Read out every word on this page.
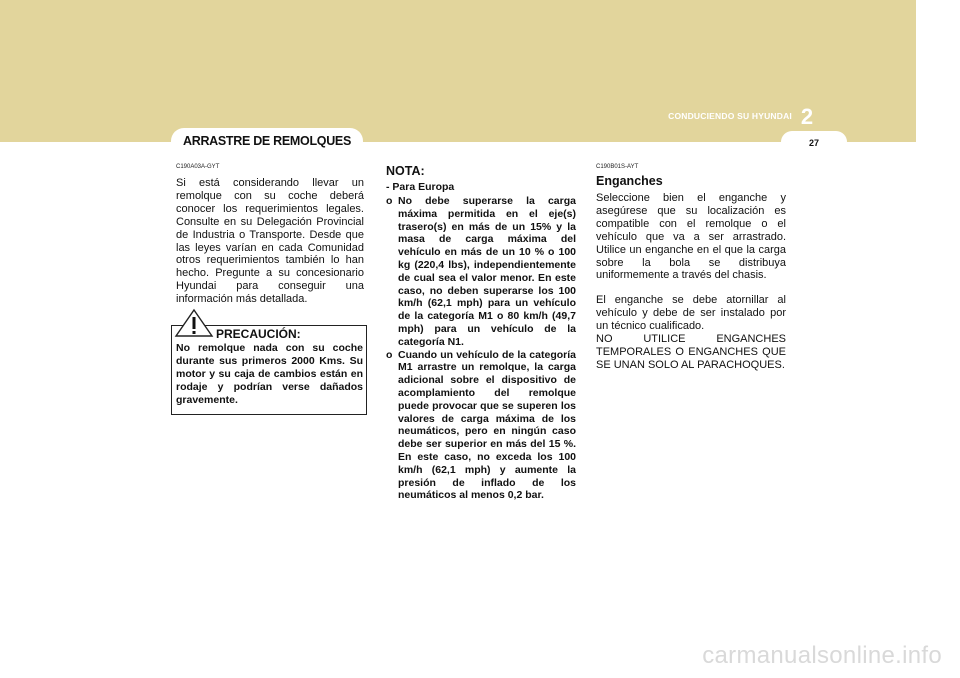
CONDUCIENDO SU HYUNDAI 2
27
ARRASTRE DE REMOLQUES

C190A03A-GYT

Si está considerando llevar un remolque con su coche deberá conocer los requerimientos legales. Consulte en su Delegación Provincial de Industria o Transporte. Desde que las leyes varían en cada Comunidad otros requerimientos también lo han hecho. Pregunte a su concesionario Hyundai para conseguir una información más detallada.

PRECAUCIÓN:

No remolque nada con su coche durante sus primeros 2000 Kms. Su motor y su caja de cambios están en rodaje y podrían verse dañados gravemente.

NOTA:

- Para Europa

o No debe superarse la carga máxima permitida en el eje(s) trasero(s) en más de un 15% y la masa de carga máxima del vehículo en más de un 10 % o 100 kg (220,4 lbs), independientemente de cual sea el valor menor. En este caso, no deben superarse los 100 km/h (62,1 mph) para un vehículo de la categoría M1 o 80 km/h (49,7 mph) para un vehículo de la categoría N1.

o Cuando un vehículo de la categoría M1 arrastre un remolque, la carga adicional sobre el dispositivo de acomplamiento del remolque puede provocar que se superen los valores de carga máxima de los neumáticos, pero en ningún caso debe ser superior en más del 15 %. En este caso, no exceda los 100 km/h (62,1 mph) y aumente la presión de inflado de los neumáticos al menos 0,2 bar.

C190B01S-AYT

Enganches

Seleccione bien el enganche y asegúrese que su localización es compatible con el remolque o el vehículo que va a ser arrastrado. Utilice un enganche en el que la carga sobre la bola se distribuya uniformemente a través del chasis.

El enganche se debe atornillar al vehículo y debe de ser instalado por un técnico cualificado.

NO UTILICE ENGANCHES TEMPORALES O ENGANCHES QUE SE UNAN SOLO AL PARACHOQUES.

carmanualsonline.info
